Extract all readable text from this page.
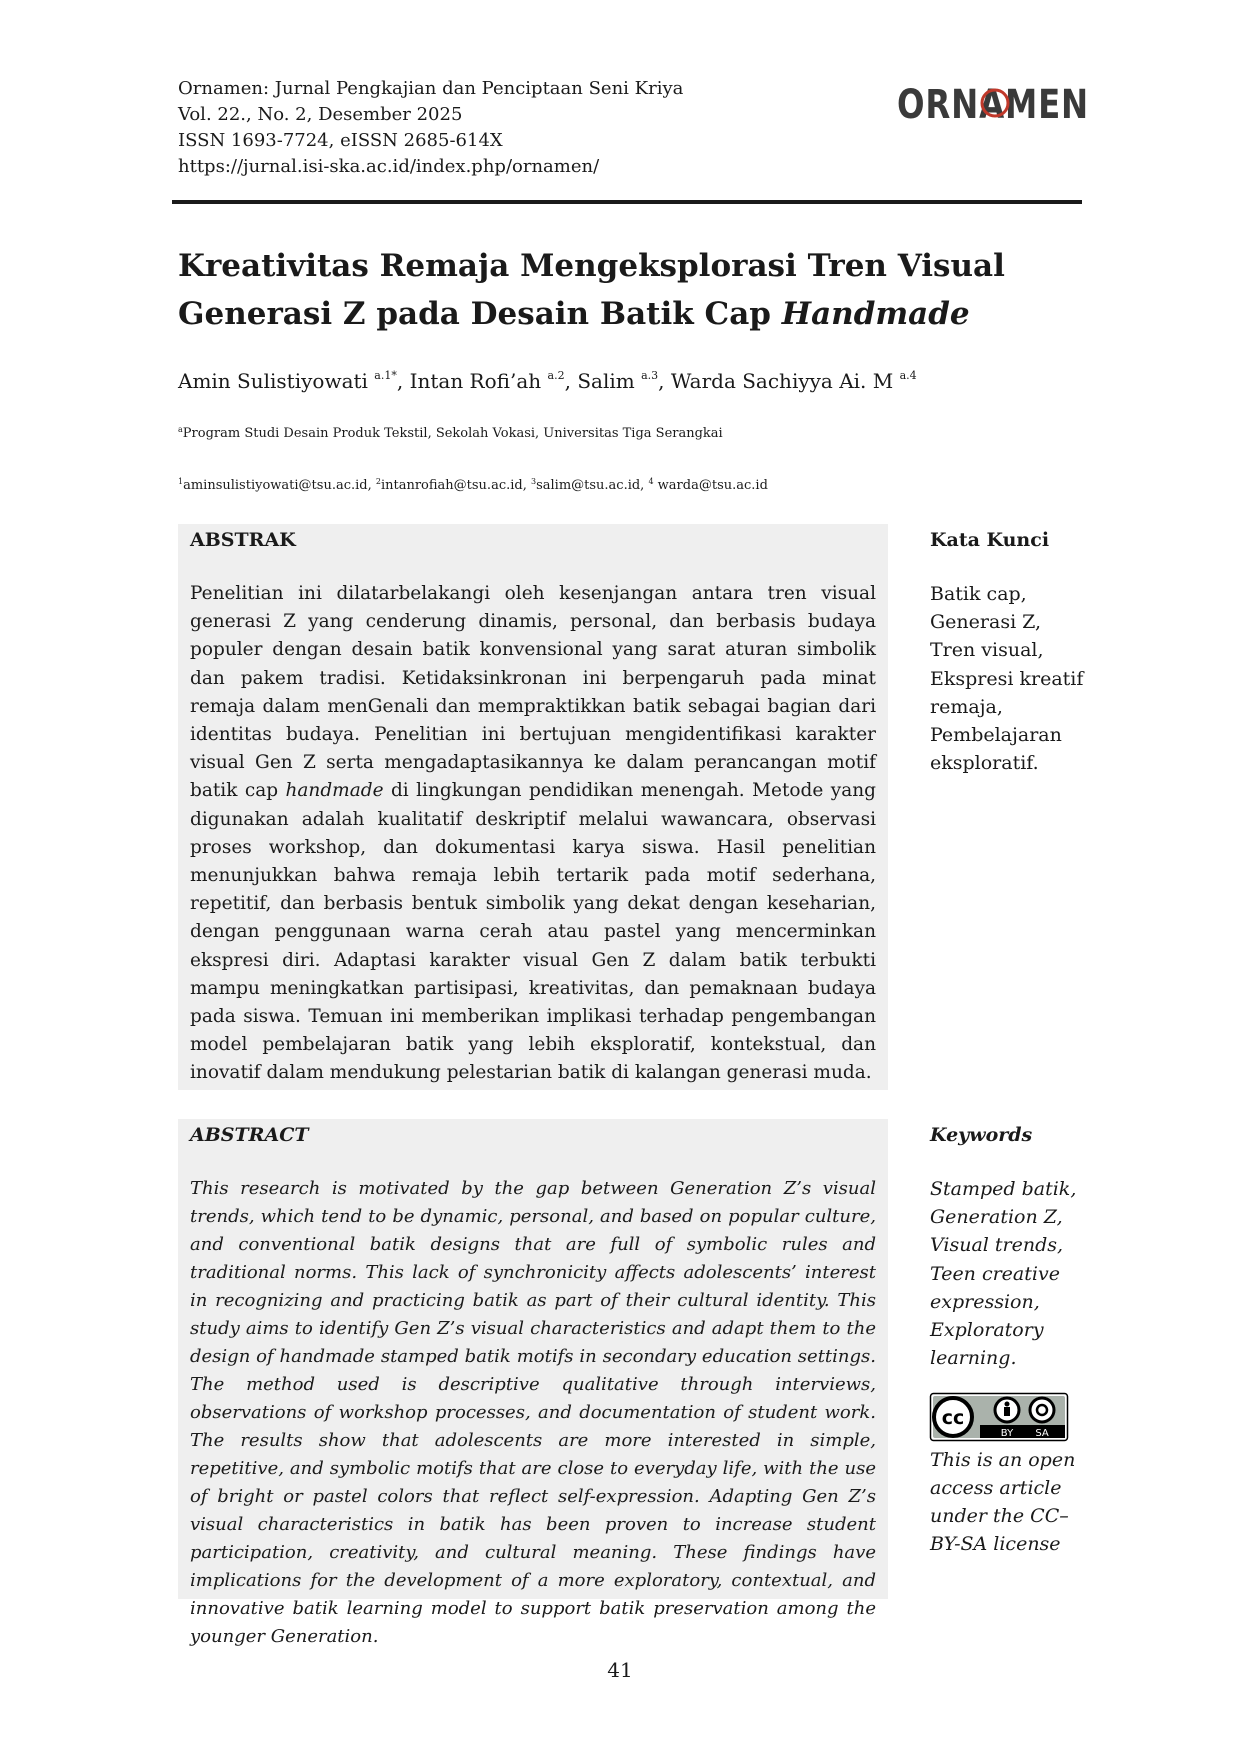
Ornamen: Jurnal Pengkajian dan Penciptaan Seni Kriya
Vol. 22., No. 2, Desember 2025
ISSN 1693-7724, eISSN 2685-614X
https://jurnal.isi-ska.ac.id/index.php/ornamen/
ORNAMEN
Kreativitas Remaja Mengeksplorasi Tren Visual Generasi Z pada Desain Batik Cap Handmade
Amin Sulistiyowati $^{a.1*}$, Intan Rofi’ah $^{a.2}$, Salim $^{a.3}$, Warda Sachiyya Ai. M $^{a.4}$
$^a$Program Studi Desain Produk Tekstil, Sekolah Vokasi, Universitas Tiga Serangkai
$^1$aminsulistiyowati@tsu.ac.id, $^2$intanrofiah@tsu.ac.id, $^3$salim@tsu.ac.id, $^4$ warda@tsu.ac.id
ABSTRAK
Penelitian ini dilatarbelakangi oleh kesenjangan antara tren visual generasi Z yang cenderung dinamis, personal, dan berbasis budaya populer dengan desain batik konvensional yang sarat aturan simbolik dan pakem tradisi. Ketidaksinkronan ini berpengaruh pada minat remaja dalam menGenali dan mempraktikkan batik sebagai bagian dari identitas budaya. Penelitian ini bertujuan mengidentifikasi karakter visual Gen Z serta mengadaptasikannya ke dalam perancangan motif batik cap handmade di lingkungan pendidikan menengah. Metode yang digunakan adalah kualitatif deskriptif melalui wawancara, observasi proses workshop, dan dokumentasi karya siswa. Hasil penelitian menunjukkan bahwa remaja lebih tertarik pada motif sederhana, repetitif, dan berbasis bentuk simbolik yang dekat dengan keseharian, dengan penggunaan warna cerah atau pastel yang mencerminkan ekspresi diri. Adaptasi karakter visual Gen Z dalam batik terbukti mampu meningkatkan partisipasi, kreativitas, dan pemaknaan budaya pada siswa. Temuan ini memberikan implikasi terhadap pengembangan model pembelajaran batik yang lebih eksploratif, kontekstual, dan inovatif dalam mendukung pelestarian batik di kalangan generasi muda.
Kata Kunci
Batik cap,
Generasi Z,
Tren visual,
Ekspresi kreatif
remaja,
Pembelajaran
eksploratif.
ABSTRACT
This research is motivated by the gap between Generation Z’s visual trends, which tend to be dynamic, personal, and based on popular culture, and conventional batik designs that are full of symbolic rules and traditional norms. This lack of synchronicity affects adolescents’ interest in recognizing and practicing batik as part of their cultural identity. This study aims to identify Gen Z’s visual characteristics and adapt them to the design of handmade stamped batik motifs in secondary education settings. The method used is descriptive qualitative through interviews, observations of workshop processes, and documentation of student work. The results show that adolescents are more interested in simple, repetitive, and symbolic motifs that are close to everyday life, with the use of bright or pastel colors that reflect self-expression. Adapting Gen Z’s visual characteristics in batik has been proven to increase student participation, creativity, and cultural meaning. These findings have implications for the development of a more exploratory, contextual, and innovative batik learning model to support batik preservation among the younger Generation.
Keywords
Stamped batik,
Generation Z,
Visual trends,
Teen creative
expression,
Exploratory
learning.
cc
BY SA
This is an open access article under the CC–BY-SA license
41
